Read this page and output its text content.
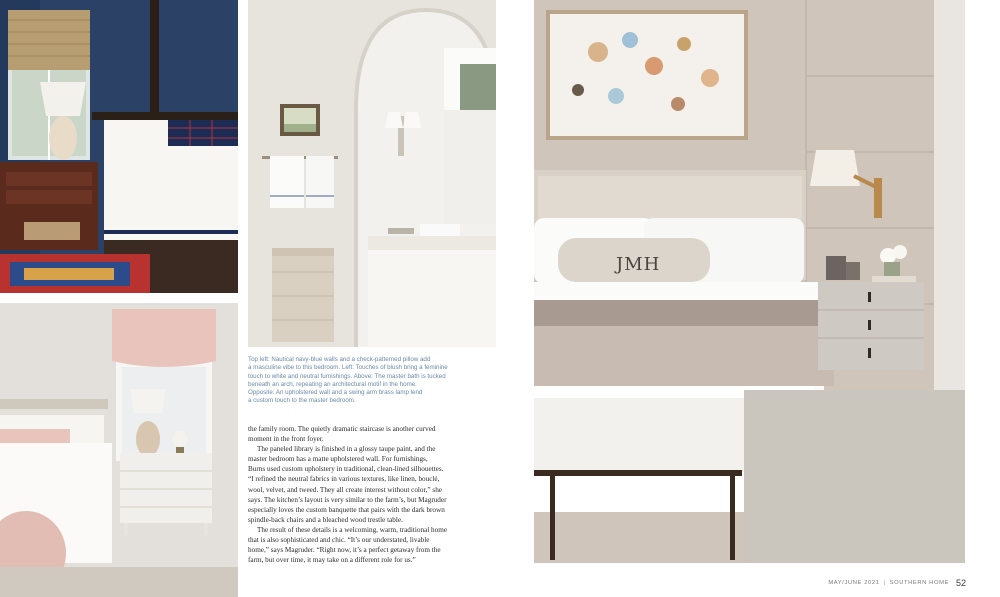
JMH
Top left: Nautical navy-blue walls and a check-patterned pillow add
a masculine vibe to this bedroom. Left: Touches of blush bring a feminine
touch to white and neutral furnishings. Above: The master bath is tucked
beneath an arch, repeating an architectural motif in the home.
Opposite: An upholstered wall and a swing arm brass lamp lend
a custom touch to the master bedroom.
the family room. The quietly dramatic staircase is another curved
moment in the front foyer.
The paneled library is finished in a glossy taupe paint, and the
master bedroom has a matte upholstered wall. For furnishings,
Burns used custom upholstery in traditional, clean-lined silhouettes.
“I refined the neutral fabrics in various textures, like linen, bouclé,
wool, velvet, and tweed. They all create interest without color,” she
says. The kitchen’s layout is very similar to the farm’s, but Magruder
especially loves the custom banquette that pairs with the dark brown
spindle-back chairs and a bleached wood trestle table.
The result of these details is a welcoming, warm, traditional home
that is also sophisticated and chic. “It’s our understated, livable
home,” says Magruder. “Right now, it’s a perfect getaway from the
farm, but over time, it may take on a different role for us.”
MAY/JUNE 2021 | SOUTHERN HOME 52
